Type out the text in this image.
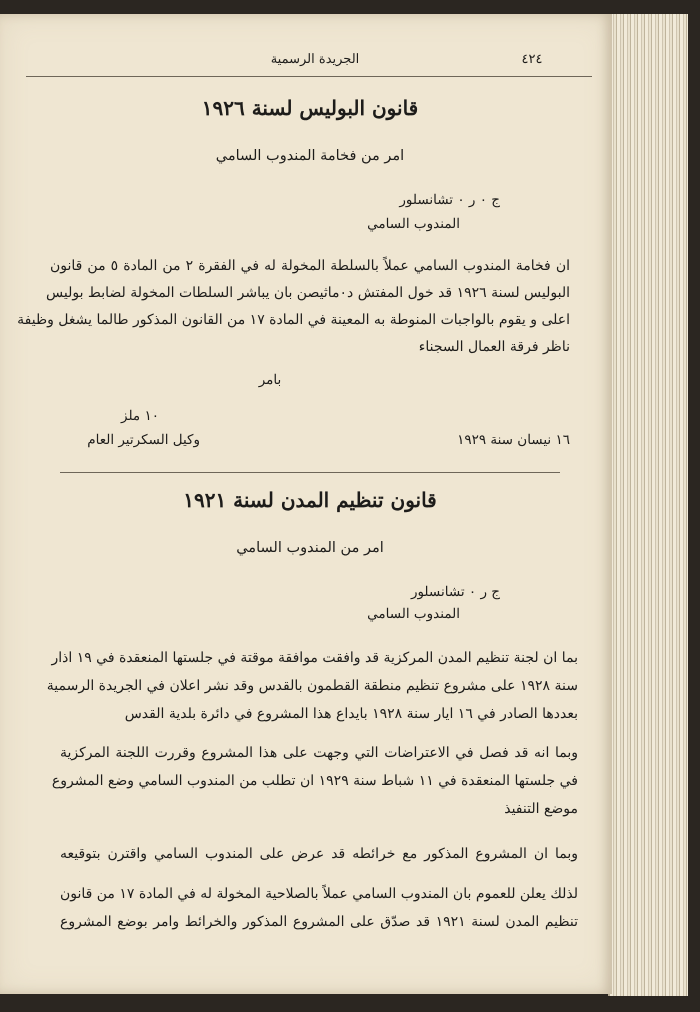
الجريدة الرسمية	٤٢٤
قانون البوليس لسنة ١٩٢٦
امر من فخامة المندوب السامي
ج ٠ ر ٠ تشانسلور
المندوب السامي
ان فخامة المندوب السامي عملاً بالسلطة المخولة له في الفقرة ٢ من المادة ٥ من قانون
البوليس لسنة ١٩٢٦ قد خول المفتش د٠ماثيصن بان يباشر السلطات المخولة لضابط بوليس
اعلى و يقوم بالواجبات المنوطة به المعينة في المادة ١٧ من القانون المذكور طالما يشغل وظيفة
ناظر فرقة العمال السجناء
بامر
١٠ ملز
وكيل السكرتير العام	١٦ نيسان سنة ١٩٢٩
قانون تنظيم المدن لسنة ١٩٢١
امر من المندوب السامي
ج ر ٠ تشانسلور
المندوب السامي
بما ان لجنة تنظيم المدن المركزية قد وافقت موافقة موقتة في جلستها المنعقدة في ١٩ اذار
سنة ١٩٢٨ على مشروع تنظيم منطقة القطمون بالقدس وقد نشر اعلان في الجريدة الرسمية
بعددها الصادر في ١٦ ايار سنة ١٩٢٨ بايداع هذا المشروع في دائرة بلدية القدس
وبما انه قد فصل في الاعتراضات التي وجهت على هذا المشروع وقررت اللجنة المركزية
في جلستها المنعقدة في ١١ شباط سنة ١٩٢٩ ان تطلب من المندوب السامي وضع المشروع
موضع التنفيذ
وبما ان المشروع المذكور مع خرائطه قد عرض على المندوب السامي واقترن بتوقيعه
لذلك يعلن للعموم بان المندوب السامي عملاً بالصلاحية المخولة له في المادة ١٧ من قانون
تنظيم المدن لسنة ١٩٢١ قد صدّق على المشروع المذكور والخرائط وامر بوضع المشروع
